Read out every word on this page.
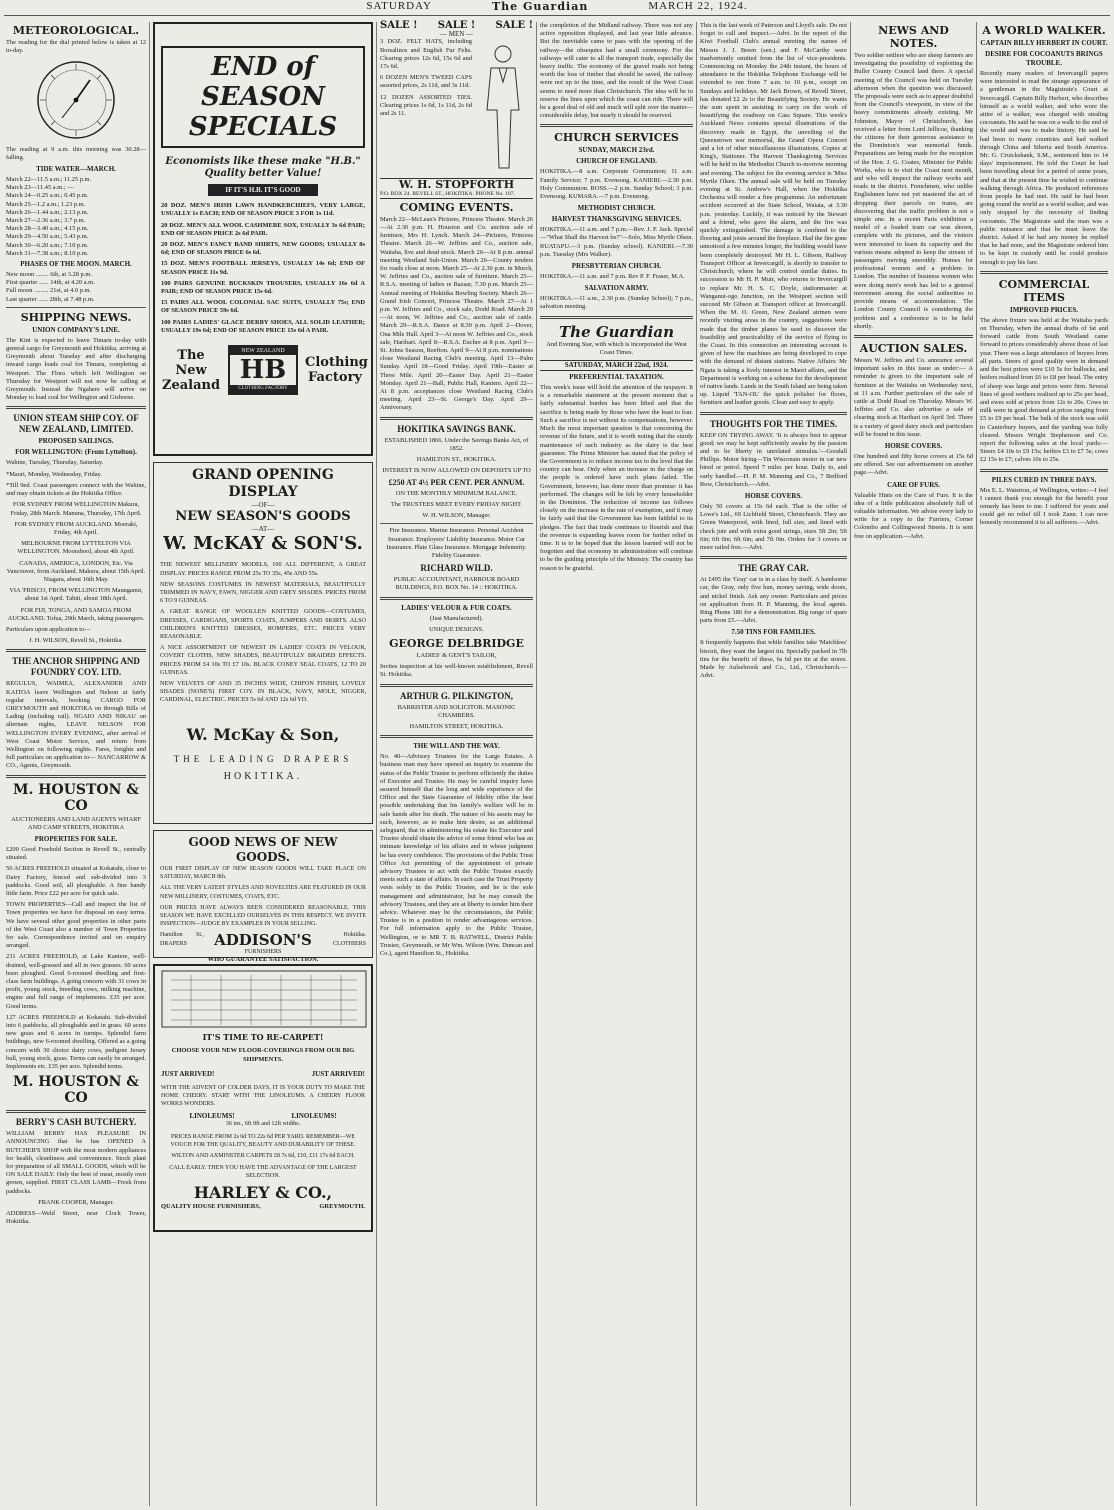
SATURDAY	The Guardian	MARCH 22, 1924.
METEOROLOGICAL.

The reading for the dial printed below is taken at 12 to-day.

The reading at 9 a.m. this morning was 30.28—falling.

TIDE WATER—MARCH.
March 22—11.5 a.m.; 11.25 p.m.
March 23—11.45 a.m.; —
March 24—0.25 a.m.; 0.45 p.m.
March 25—1.2 a.m.; 1.23 p.m.
March 26—1.44 a.m.; 2.13 p.m.
March 27—2.36 a.m.; 3.7 p.m.
March 28—3.40 a.m.; 4.15 p.m.
March 29—4.50 a.m.; 5.43 p.m.
March 30—6.20 a.m.; 7.10 p.m.
March 31—7.38 a.m.; 8.10 p.m.
PHASES OF THE MOON. MARCH.
New moon ........ 6th, at 3.28 p.m.
First quarter ...... 14th, at 4.20 a.m.
Full moon ......... 21st, at 4.0 p.m.
Last quarter ...... 28th, at 7.48 p.m.
SHIPPING NEWS.
UNION COMPANY'S LINE.

The Kini is expected to leave Timaru to-day with general cargo for Greymouth and Hokitika, arriving at Greymouth about Tuesday and after discharging inward cargo loads coal for Timaru, completing at Westport. The Flora which left Wellington on Thursday for Westport will not now be calling at Greymouth. Instead the Ngahere will arrive on Monday to load coal for Wellington and Gisborne.

UNION STEAM SHIP COY. OF NEW ZEALAND, LIMITED.
PROPOSED SAILINGS.
FOR WELLINGTON: (From Lyttelton).

Wahine, Tuesday, Thursday, Saturday.

*Maori, Monday, Wednesday, Friday.

*Till 9ed. Coast passengers connect with the Wahine, and may obtain tickets at the Hokitika Office.

FOR SYDNEY FROM WELLINGTON Makura, Friday, 28th March. Manuna, Thursday, 17th April.

FOR SYDNEY FROM AUCKLAND. Moeraki, Friday, 4th April.

MELBOURNE FROM LYTTELTON VIA WELLINGTON. Moorabool, about 4th April.

CANADA, AMERICA, LONDON, Etc. Via Vancouver, from Auckland. Makura, about 15th April. Niagara, about 16th May.

VIA 'FRISCO, FROM WELLINGTON Maunganui, about 1st April. Tahiti, about 18th April.

FOR FIJI, TONGA, AND SAMOA FROM AUCKLAND. Tofua, 29th March, taking passengers.

Particulars upon application to—

J. H. WILSON, Revell St., Hokitika.

THE ANCHOR SHIPPING AND FOUNDRY COY. LTD.

REGULUS, WAIMEA, ALEXANDER AND KAITOA leave Wellington and Nelson at fairly regular intervals, booking CARGO FOR GREYMOUTH and HOKITIKA on through Bills of Lading (including rail). NGAIO AND NIKAU on alternate nights, LEAVE NELSON FOR WELLINGTON EVERY EVENING, after arrival of West Coast Motor Service, and return from Wellington on following nights. Fares, freights and full particulars on application to— NANCARROW & CO., Agents, Greymouth.

M. HOUSTON & CO

AUCTIONEERS AND LAND AGENTS WHARF AND CAMP STREETS, HOKITIKA

PROPERTIES FOR SALE.

£200 Good Freehold Section in Revell St., centrally situated.

50 ACRES FREEHOLD situated at Kokatahi, close to Dairy Factory, fenced and sub-divided into 3 paddocks. Good soil, all ploughable. A fine handy little farm. Price £22 per acre for quick sale.

TOWN PROPERTIES—Call and inspect the list of Town properties we have for disposal on easy terms. We have several other good properties in other parts of the West Coast also a number of Town Properties for sale. Correspondence invited and on enquiry arranged.

231 ACRES FREEHOLD, at Lake Kaniere, well-drained, well-grassed and all in two grasses. 60 acres been ploughed. Good 6-roomed dwelling and first-class farm buildings. A going concern with 31 cows in profit, young stock, breeding cows, milking machine, engine and full range of implements. £35 per acre. Good terms.

127 ACRES FREEHOLD at Kokatahi. Sub-divided into 6 paddocks, all ploughable and in grass. 60 acres new grass and 6 acres in turnips. Splendid farm buildings, new 6-roomed dwelling. Offered as a going concern with 30 choice dairy cows, pedigree Jersey bull, young stock, grass. Terms can easily be arranged. Implements etc. £35 per acre. Splendid terms.

M. HOUSTON & CO
BERRY'S CASH BUTCHERY.

WILLIAM BERRY HAS PLEASURE IN ANNOUNCING that he has OPENED A BUTCHER'S SHOP with the most modern appliances for health, cleanliness and convenience. Stock plant for preparation of all SMALL GOODS, which will be ON SALE DAILY. Only the best of meat, mostly own grown, supplied. FIRST CLASS LAMB—Fresh from paddocks.

FRANK COOPER, Manager.

ADDRESS—Weld Street, near Clock Tower, Hokitika.

END of SEASON SPECIALS
Economists like these make "H.B." Quality better Value!
IF IT'S H.B. IT'S GOOD

20 DOZ. MEN'S IRISH LAWN HANDKERCHIEFS, VERY LARGE, USUALLY 1s EACH; END OF SEASON PRICE 3 FOR 1s 11d.

20 DOZ. MEN'S ALL WOOL CASHMERE SOX, USUALLY 3s 6d PAIR; END OF SEASON PRICE 2s 6d PAIR.

20 DOZ. MEN'S FANCY BAND SHIRTS, NEW GOODS; USUALLY 8s 6d; END OF SEASON PRICE 6s 6d.

15 DOZ. MEN'S FOOTBALL JERSEYS, USUALLY 14s 6d; END OF SEASON PRICE 11s 9d.

100 PAIRS GENUINE BUCKSKIN TROUSERS, USUALLY 16s 6d A PAIR; END OF SEASON PRICE 15s 6d.

15 PAIRS ALL WOOL COLONIAL SAC SUITS, USUALLY 75s; END OF SEASON PRICE 59s 6d.

100 PAIRS LADIES' GLACE DERBY SHOES, ALL SOLID LEATHER; USUALLY 19s 6d; END OF SEASON PRICE 15s 6d A PAIR.

The New Zealand
NEW ZEALAND
HB
CLOTHING FACTORY
Clothing Factory
GRAND OPENING DISPLAY
—OF—
NEW SEASON'S GOODS
—AT—
W. McKAY & SON'S.

THE NEWEST MILLINERY MODELS, 100 ALL DIFFERENT, A GREAT DISPLAY. PRICES RANGE FROM 25s TO 35s, 45s AND 55s.

NEW SEASONS COSTUMES IN NEWEST MATERIALS, BEAUTIFULLY TRIMMED IN NAVY, FAWN, NIGGER AND GREY SHADES. PRICES FROM 6 TO 9 GUINEAS.

A GREAT RANGE OF WOOLLEN KNITTED GOODS—COSTUMES, DRESSES, CARDIGANS, SPORTS COATS, JUMPERS AND SKIRTS. ALSO CHILDREN'S KNITTED DRESSES, ROMPERS, ETC. PRICES VERY REASONABLE.

A NICE ASSORTMENT OF NEWEST IN LADIES' COATS IN VELOUR, COVERT CLOTHS, NEW SHADES, BEAUTIFULLY BRAIDED EFFECTS. PRICES FROM £4 10s TO £7 10s. BLACK CONEY SEAL COATS, 12 TO 20 GUINEAS.

NEW VELVETS OF AND 35 INCHES WIDE, CHIFON FINISH, LOVELY SHADES (NONE'S) FIRST COY. IN BLACK, NAVY, MOLE, NIGGER, CARDINAL, ELECTRIC. PRICES 5s 6d AND 12s 6d YD.

W. McKay & Son,
THE LEADING DRAPERS
HOKITIKA.
GOOD NEWS OF NEW GOODS.

OUR FIRST DISPLAY OF NEW SEASON GOODS WILL TAKE PLACE ON SATURDAY, MARCH 8th.

ALL THE VERY LATEST STYLES AND NOVELTIES ARE FEATURED IN OUR NEW MILLINERY, COSTUMES, COATS, ETC.

OUR PRICES HAVE ALWAYS BEEN CONSIDERED REASONABLE. THIS SEASON WE HAVE EXCELLED OURSELVES IN THIS RESPECT. WE INVITE INSPECTION—JUDGE BY EXAMPLES IN YOUR SELLING.

Hamilton St., DRAPERS	ADDISON'S	Hokitika. CLOTHIERS
FURNISHERS
WHO GUARANTEE SATISFACTION.
IT'S TIME TO RE-CARPET!
CHOOSE YOUR NEW FLOOR-COVERINGS FROM OUR BIG SHIPMENTS.
JUST ARRIVED!	JUST ARRIVED!

WITH THE ADVENT OF COLDER DAYS, IT IS YOUR DUTY TO MAKE THE HOME CHEERY. START WITH THE LINOLEUMS. A CHEERY FLOOR WORKS WONDERS.

LINOLEUMS!	LINOLEUMS!
36 ins., 6ft 9ft and 12ft widths.

PRICES RANGE FROM 2s 6d TO 22s 6d PER YARD. REMEMBER—WE VOUCH FOR THE QUALITY, BEAUTY AND DURABILITY OF THESE.

WILTON AND AXMINSTER CARPETS £8 7s 6d, £10, £11 17s 6d EACH.

CALL EARLY. THEN YOU HAVE THE ADVANTAGE OF THE LARGEST SELECTION.

HARLEY & CO.,
QUALITY HOUSE FURNISHERS,	GREYMOUTH.
SALE ! SALE ! SALE !
— MEN —

3 DOZ. FELT HATS, including Borsalinos and English Fur Felts. Clearing prices 12s 6d, 15s 6d and 17s 6d.

6 DOZEN MEN'S TWEED CAPS assorted prices, 2s 11d, and 3s 11d.

12 DOZEN ASSORTED TIES. Clearing prices 1s 6d, 1s 11d, 2s 6d and 2s 11.

W. H. STOPFORTH
P.O. BOX 24. REVELL ST., HOKITIKA. PHONE No. 107.
COMING EVENTS.

March 22—McLean's Pictures, Princess Theatre. March 26—At 2.30 p.m. H. Houston and Co. auction sale of furniture, Mrs H. Lynch. March 24—Pictures, Princess Theatre. March 26—W. Jeffries and Co., auction sale, Waitaha, live and dead stock. March 26—At 8 p.m. annual meeting Westland Sub-Union. March 26—County tenders for roads close at noon. March 25—At 2.30 p.m. in Murch, W. Jeffries and Co., auction sale of furniture. March 25—R.S.A. meeting of ladies re Bazaar, 7.30 p.m. March 25—Annual meeting of Hokitika Bowling Society. March 26—Grand Irish Concert, Princess Theatre. March 27—At 1 p.m. W. Jeffries and Co., stock sale, Dodd Road. March 29—At noon, W. Jeffries and Co., auction sale of cattle. March 29—R.S.A. Dance at 8.30 p.m. April 2—Dover, Oua Mile Hall. April 3—At noon W. Jeffries and Co., stock sale, Harihari. April 8—R.S.A. Euchre at 8 p.m. April 9—St. Johns Season, Reefton. April 9—At 8 p.m. nominations close Westland Racing Club's meeting. April 13—Palm Sunday. April 18—Good Friday. April 19th—Easter at Three Mile. April 20—Easter Day. April 21—Easter Monday. April 21—Ball, Public Hall, Kaniere. April 22—At 8 p.m. acceptances close Westland Racing Club's meeting. April 23—St. George's Day. April 29—Anniversary.

HOKITIKA SAVINGS BANK.

ESTABLISHED 1866. Under the Savings Banks Act, of 1852.

HAMILTON ST., HOKITIKA.

INTEREST IS NOW ALLOWED ON DEPOSITS UP TO

£250 AT 4½ PER CENT. PER ANNUM.

ON THE MONTHLY MINIMUM BALANCE.

The TRUSTEES MEET EVERY FRIDAY NIGHT.

W. H. WILSON, Manager.

Fire Insurance. Marine Insurance. Personal Accident Insurance. Employers' Liability Insurance. Motor Car Insurance. Plate Glass Insurance. Mortgage Indemnity. Fidelity Guarantee.

RICHARD WILD.

PUBLIC ACCOUNTANT, HARBOUR BOARD BUILDINGS, P.O. BOX No. 14 :: HOKITIKA.

LADIES' VELOUR & FUR COATS.

(Just Manufactured).

UNIQUE DESIGNS.

GEORGE DELBRIDGE

LADIES' & GENT'S TAILOR,

Invites inspection at his well-known establishment, Revell St. Hokitika.

ARTHUR G. PILKINGTON,

BARRISTER AND SOLICITOR. MASONIC CHAMBERS.

HAMILTON STREET, HOKITIKA.

THE WILL AND THE WAY.

No. 40—Advisory Trustees for the Large Estates. A business man may have opened an inquiry to examine the status of the Public Trustee to perform efficiently the duties of Executor and Trustee. He may be careful inquiry have assured himself that the long and wide experience of the Office and the State Guarantee of fidelity offer the best possible undertaking that his family's welfare will be in safe hands after his death. The nature of his assets may be such, however, as to make him desire, as an additional safeguard, that in administering his estate his Executor and Trustee should obtain the advice of some friend who has an intimate knowledge of his affairs and in whose judgment he has every confidence. The provisions of the Public Trust Office Act permitting of the appointment of private advisory Trustees to act with the Public Trustee exactly meets such a state of affairs. In such case the Trust Property vests solely in the Public Trustee, and he is the sole management and administrator, but he may consult the advisory Trustees, and they are at liberty to tender him their advice. Whatever may be the circumstances, the Public Trustee is in a position to render advantageous services. For full information apply to the Public Trustee, Wellington, or to MR T. B. RATWELL, District Public Trustee, Greymouth, or Mr Wm. Wilson (Wm. Duncan and Co.), agent Hamilton St., Hokitika.

the completion of the Midland railway. There was not any active opposition displayed, and last year little advance. But the inevitable came to pass with the opening of the railway—the obsequies had a small ceremony. For the railways will cater to all the transport trade, especially the heavy traffic. The economy of the gravel roads not being worth the loss of timber that should be saved, the railway were not up to the time, and the result of the West Coast seems to need more than Christchurch. The idea will be to reserve the lines upon which the coast can ride. There will be a good deal of old and much will split over the matter—considerable delay, but nearly it should be reserved.

CHURCH SERVICES
SUNDAY, MARCH 23rd.
CHURCH OF ENGLAND.

HOKITIKA.—8 a.m. Corporate Communion; 11 a.m. Family Service; 7 p.m. Evensong. KANIERI.—2.30 p.m. Holy Communion. ROSS.—2 p.m. Sunday School; 3 p.m. Evensong. KUMARA.—7 p.m. Evensong.

METHODIST CHURCH.
HARVEST THANKSGIVING SERVICES.

HOKITIKA.—11 a.m. and 7 p.m.—Rev. J. F. Jack. Special—"What Shall the Harvest be?"—Solo, Miss Myrtle Olsen. RUATAPU.—3 p.m. (Sunday school). KANIERI.—7.30 p.m. Tuesday (Mrs Walker).

PRESBYTERIAN CHURCH.

HOKITIKA.—11 a.m. and 7 p.m. Rev P. F. Fraser, M.A.

SALVATION ARMY.

HOKITIKA.—11 a.m., 2.30 p.m. (Sunday School); 7 p.m., salvation meeting.

The Guardian

And Evening Star, with which is incorporated the West Coast Times.

SATURDAY, MARCH 22nd, 1924.
PREFERENTIAL TAXATION.

This week's issue will hold the attention of the taxpayer. It is a remarkable statement at the present moment that a fairly substantial burden has been lifted and that the sacrifice is being made by those who have the least to fear. Such a sacrifice is not without its compensations, however. Much the most important question is that concerning the revenue of the future, and it is worth noting that the sturdy maintenance of such industry as the dairy is the best guarantee. The Prime Minister has stated that the policy of the Government is to reduce income tax to the level that the country can bear. Only when an increase in the charge on the people is ordered have such plans failed. The Government, however, has done more than promise: it has performed. The changes will be felt by every householder in the Dominion. The reduction of income tax follows closely on the increase in the rate of exemption, and it may be fairly said that the Government has been faithful to its pledges. The fact that trade continues to flourish and that the revenue is expanding leaves room for further relief in time. It is to be hoped that the lesson learned will not be forgotten and that economy in administration will continue to be the guiding principle of the Ministry. The country has reason to be grateful.

This is the last week of Paterson and Lloyd's sale. Do not forget to call and inspect.—Advt. In the report of the Kiwi Football Club's annual meeting the names of Messrs J. J. Breen (sen.) and F. McCarthy were inadvertently omitted from the list of vice-presidents. Commencing on Monday the 24th instant, the hours of attendance in the Hokitika Telephone Exchange will be extended to run from 7 a.m. to 10 p.m., except on Sundays and holidays. Mr Jack Brown, of Revell Street, has donated £2 2s to the Beautifying Society. He wants the sum spent in assisting to carry on the work of beautifying the roadway on Cass Square. This week's Auckland News contains special illustrations of the discovery made in Egypt, the unveiling of the Queenstown war memorial, the Grand Opera Concert and a lot of other miscellaneous illustrations. Copies at King's, Stationer. The Harvest Thanksgiving Services will be held in the Methodist Church to-morrow morning and evening. The subject for the evening service is 'Miss Myrtle Olsen. The annual sale will be held on Tuesday evening at St. Andrew's Hall, when the Hokitika Orchestra will render a fine programme. An unfortunate accident occurred at the State School, Waiata, at 3.30 p.m. yesterday. Luckily, it was noticed by the Stewart and a friend, who gave the alarm, and the fire was quickly extinguished. The damage is confined to the flooring and joists around the fireplace. Had the fire gone unnoticed a few minutes longer, the building would have been completely destroyed. Mr H. L. Gibson, Railway Transport Officer at Invercargill, is shortly to transfer to Christchurch, where he will control similar duties. In succession to Mr H. P. Muir, who returns to Invercargill to replace Mr. H. S. C. Doyle, stationmaster at Wanganui-ogo Junction, on the Westport section will succeed Mr Gibson at Transport officer at Invercargill. When the M. O. Green, New Zealand airmen were recently visiting areas in the country, suggestions were made that the timber planes be used to discover the feasibility and practicability of the service of flying to the Coast. In this connection an interesting account is given of how the machines are being developed to cope with the demand of distant stations. Native Affairs: Mr Ngata is taking a lively interest in Maori affairs, and the Department is working on a scheme for the development of native lands. Lands in the South Island are being taken up. Liquid 'TAN-OL' the quick polisher for floors, furniture and leather goods. Clean and easy to apply.

THOUGHTS FOR THE TIMES.

KEEP ON TRYING AWAY. 'It is always best to appear good; we may be kept sufficiently awake by the passion and to be liberty in unrelated stimulus.'—Goodall Phillips. Motor hiring—Tin Wisconsin motor in car new hired or petrol. Speed 7 miles per hour. Daily to, and early handled.—H. P. M. Manning and Co., 7 Bedford Row, Christchurch.—Advt.

HORSE COVERS.

Only 50 covers at 15s 6d each. That is the offer of Lowe's Ltd., 69 Lichfield Street, Christchurch. They are Green Waterproof, with lined, full size, and lined with check jute and with extra good strings, sizes 5ft 2in; 5ft 6in; 6ft 0in; 6ft 6in; and 7ft 0in. Orders for 3 covers or more railed free.—Advt.

THE GRAY CAR.

At £495 the 'Gray' car is in a class by itself. A handsome car, the Gray, only five hun, money saving, wide doors, and nickel finish. Ask any owner. Particulars and prices on application from H. P. Manning, the local agents. Ring Phone 186 for a demonstration. Big range of spare parts from £5.—Advt.

7.50 TINS FOR FAMILIES.

It frequently happens that while families take 'Matchless' biscuit, they want the largest tin. Specially packed in 7lb tins for the benefit of these, 6s 6d per tin at the stores. Made by Aulsebrook and Co., Ltd., Christchurch.—Advt.

NEWS AND NOTES.

Two soldier settlers who are sheep farmers are investigating the possibility of exploiting the Buller County Council land there. A special meeting of the Council was held on Tuesday afternoon when the question was discussed. The proposals were such as to appear doubtful from the Council's viewpoint, in view of the heavy commitments already existing. Mr Johnston, Mayor of Christchurch, has received a letter from Lord Jellicoe, thanking the citizens for their generous assistance to the Dominion's war memorial funds. Preparations are being made for the reception of the Hon. J. G. Coates, Minister for Public Works, who is to visit the Coast next month, and who will inspect the railway works and roads in the district. Frenchmen, who unlike Englishmen have not yet mastered the art of dropping their parcels on trams, are discovering that the traffic problem is not a simple one. In a recent Paris exhibition a model of a loaded tram car was shown, complete with its pictures, and the visitors were interested to learn its capacity and the various means adopted to keep the stream of passengers moving smoothly. Homes for professional women and a problem in London. The number of business women who were doing men's work has led to a general movement among the social authorities to provide means of accommodation. The London County Council is considering the problem and a conference is to be held shortly.

AUCTION SALES.

Messrs W. Jeffries and Co. announce several important sales in this issue as under:— A reminder is given to the important sale of furniture at the Waitaha on Wednesday next, at 11 a.m. Further particulars of the sale of cattle at Dodd Road on Thursday. Messrs W. Jeffries and Co. also advertise a sale of clearing stock at Harihari on April 3rd. There is a variety of good dairy stock and particulars will be found in this issue.

HORSE COVERS.

One hundred and fifty horse covers at 15s 6d are offered. See our advertisement on another page.—Advt.

CARE OF FURS.

Valuable Hints on the Care of Furs. It is the idea of a little publication absolutely full of valuable information. We advise every lady to write for a copy to the Furriers, Corner Colombo and Collingwood Streets. It is sent free on application.—Advt.

A WORLD WALKER.
CAPTAIN BILLY HERBERT IN COURT.
DESIRE FOR COCOANUTS BRINGS TROUBLE.

Recently many readers of Invercargill papers were interested to read the strange appearance of a gentleman in the Magistrate's Court at Invercargill. Captain Billy Herbert, who describes himself as a world walker, and who wore the attire of a walker, was charged with stealing cocoanuts. He said he was on a walk to the end of the world and was to make history. He said he had been to many countries and had walked through China and Siberia and South America. Mr. G. Cruickshank, S.M., sentenced him to 14 days' imprisonment. He told the Court he had been travelling about for a period of some years, and that at the present time he wished to continue walking through Africa. He produced references from people he had met. He said he had been going round the world as a world walker, and was only stopped by the necessity of finding cocoanuts. The Magistrate said the man was a public nuisance and that he must leave the district. Asked if he had any money he replied that he had none, and the Magistrate ordered him to be kept in custody until he could produce enough to pay his fare.

COMMERCIAL ITEMS
IMPROVED PRICES.

The above fixture was held at the Waitaha yards on Thursday, when the annual drafts of fat and forward cattle from South Westland came forward to prices considerably above those of last year. There was a large attendance of buyers from all parts. Steers of good quality were in demand and the best prices were £10 5s for bullocks, and heifers realised from £6 to £8 per head. The entry of sheep was large and prices were firm. Several lines of good wethers realised up to 25s per head, and ewes sold at prices from 12s to 20s. Cows in milk were in good demand at prices ranging from £5 to £9 per head. The bulk of the stock was sold to Canterbury buyers, and the yarding was fully cleared. Messrs Wright Stephenson and Co. report the following sales at the local yards:—Steers £4 10s to £9 15s; heifers £3 to £7 5s; cows £2 15s to £7; calves 10s to 25s.

PILES CURED IN THREE DAYS.

Mrs E. L. Waterton, of Wellington, writes:—I feel I cannot thank you enough for the benefit your remedy has been to me. I suffered for years and could get no relief till I took Zann. I can now honestly recommend it to all sufferers.—Advt.
